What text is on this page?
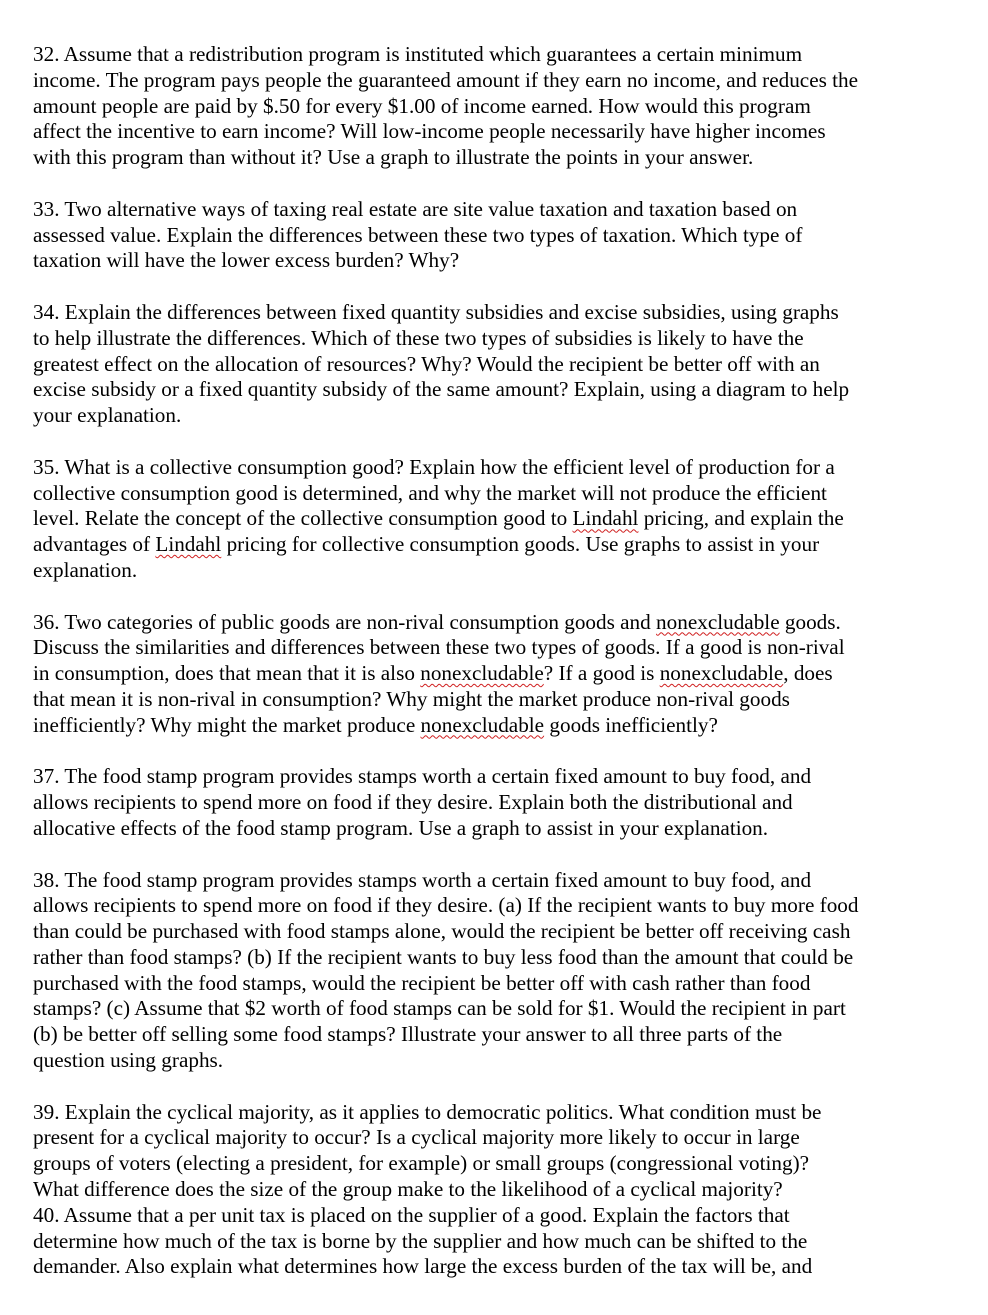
32. Assume that a redistribution program is instituted which guarantees a certain minimum
income. The program pays people the guaranteed amount if they earn no income, and reduces the
amount people are paid by $.50 for every $1.00 of income earned. How would this program
affect the incentive to earn income? Will low-income people necessarily have higher incomes
with this program than without it? Use a graph to illustrate the points in your answer.
33. Two alternative ways of taxing real estate are site value taxation and taxation based on
assessed value. Explain the differences between these two types of taxation. Which type of
taxation will have the lower excess burden? Why?
34. Explain the differences between fixed quantity subsidies and excise subsidies, using graphs
to help illustrate the differences. Which of these two types of subsidies is likely to have the
greatest effect on the allocation of resources? Why? Would the recipient be better off with an
excise subsidy or a fixed quantity subsidy of the same amount? Explain, using a diagram to help
your explanation.
35. What is a collective consumption good? Explain how the efficient level of production for a
collective consumption good is determined, and why the market will not produce the efficient
level. Relate the concept of the collective consumption good to Lindahl pricing, and explain the
advantages of Lindahl pricing for collective consumption goods. Use graphs to assist in your
explanation.
36. Two categories of public goods are non-rival consumption goods and nonexcludable goods.
Discuss the similarities and differences between these two types of goods. If a good is non-rival
in consumption, does that mean that it is also nonexcludable? If a good is nonexcludable, does
that mean it is non-rival in consumption? Why might the market produce non-rival goods
inefficiently? Why might the market produce nonexcludable goods inefficiently?
37. The food stamp program provides stamps worth a certain fixed amount to buy food, and
allows recipients to spend more on food if they desire. Explain both the distributional and
allocative effects of the food stamp program. Use a graph to assist in your explanation.
38. The food stamp program provides stamps worth a certain fixed amount to buy food, and
allows recipients to spend more on food if they desire. (a) If the recipient wants to buy more food
than could be purchased with food stamps alone, would the recipient be better off receiving cash
rather than food stamps? (b) If the recipient wants to buy less food than the amount that could be
purchased with the food stamps, would the recipient be better off with cash rather than food
stamps? (c) Assume that $2 worth of food stamps can be sold for $1. Would the recipient in part
(b) be better off selling some food stamps? Illustrate your answer to all three parts of the
question using graphs.
39. Explain the cyclical majority, as it applies to democratic politics. What condition must be
present for a cyclical majority to occur? Is a cyclical majority more likely to occur in large
groups of voters (electing a president, for example) or small groups (congressional voting)?
What difference does the size of the group make to the likelihood of a cyclical majority?
40. Assume that a per unit tax is placed on the supplier of a good. Explain the factors that
determine how much of the tax is borne by the supplier and how much can be shifted to the
demander. Also explain what determines how large the excess burden of the tax will be, and
